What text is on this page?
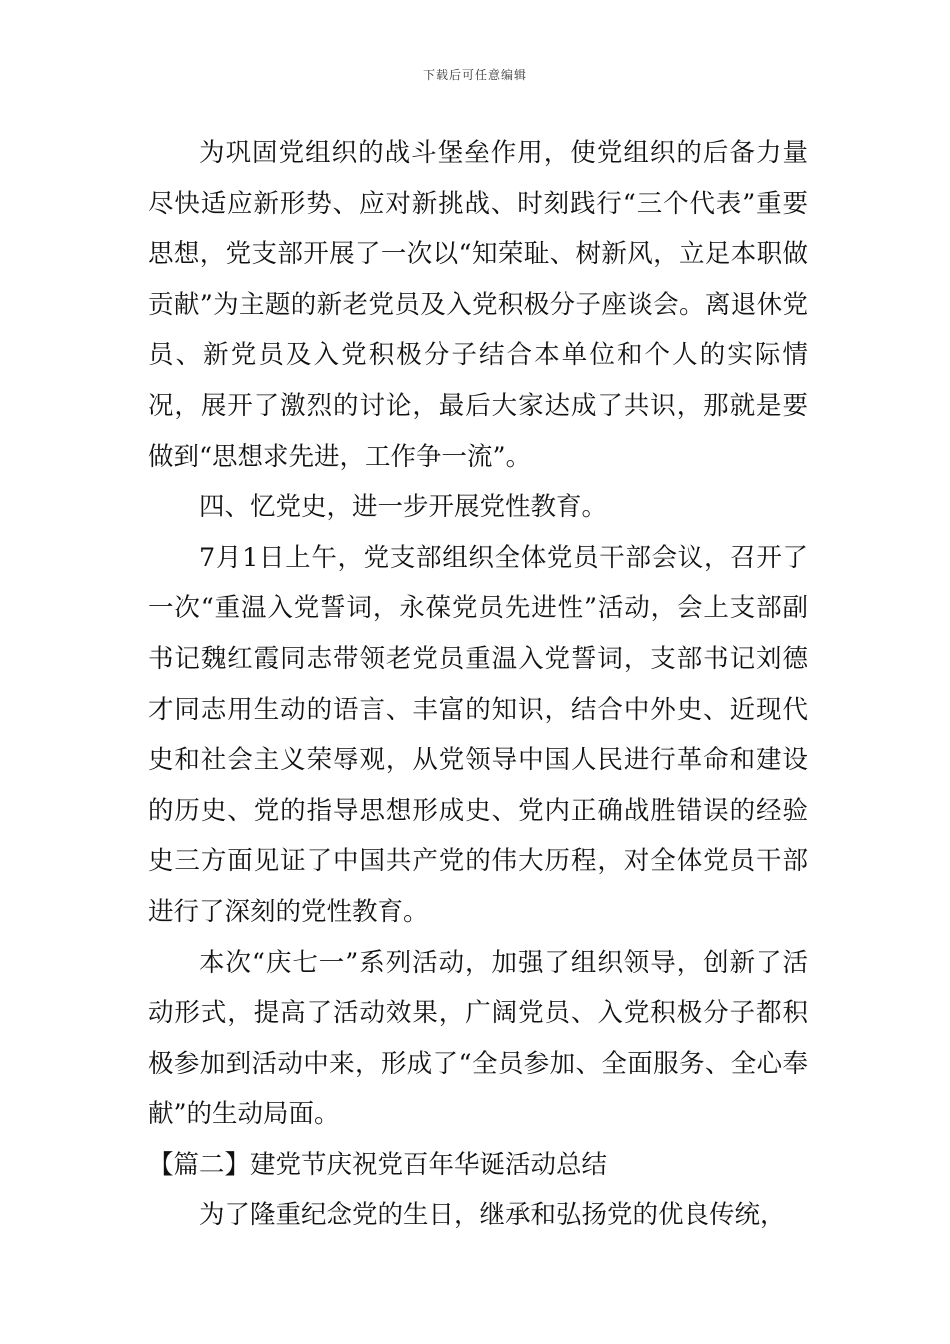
下载后可任意编辑

为巩固党组织的战斗堡垒作用，使党组织的后备力量尽快适应新形势、应对新挑战、时刻践行“三个代表”重要思想，党支部开展了一次以“知荣耻、树新风，立足本职做贡献”为主题的新老党员及入党积极分子座谈会。离退休党员、新党员及入党积极分子结合本单位和个人的实际情况，展开了激烈的讨论，最后大家达成了共识，那就是要做到“思想求先进，工作争一流”。

四、忆党史，进一步开展党性教育。

7月1日上午，党支部组织全体党员干部会议，召开了一次“重温入党誓词，永葆党员先进性”活动，会上支部副书记魏红霞同志带领老党员重温入党誓词，支部书记刘德才同志用生动的语言、丰富的知识，结合中外史、近现代史和社会主义荣辱观，从党领导中国人民进行革命和建设的历史、党的指导思想形成史、党内正确战胜错误的经验史三方面见证了中国共产党的伟大历程，对全体党员干部进行了深刻的党性教育。

本次“庆七一”系列活动，加强了组织领导，创新了活动形式，提高了活动效果，广阔党员、入党积极分子都积极参加到活动中来，形成了“全员参加、全面服务、全心奉献”的生动局面。

【篇二】建党节庆祝党百年华诞活动总结

为了隆重纪念党的生日，继承和弘扬党的优良传统，
